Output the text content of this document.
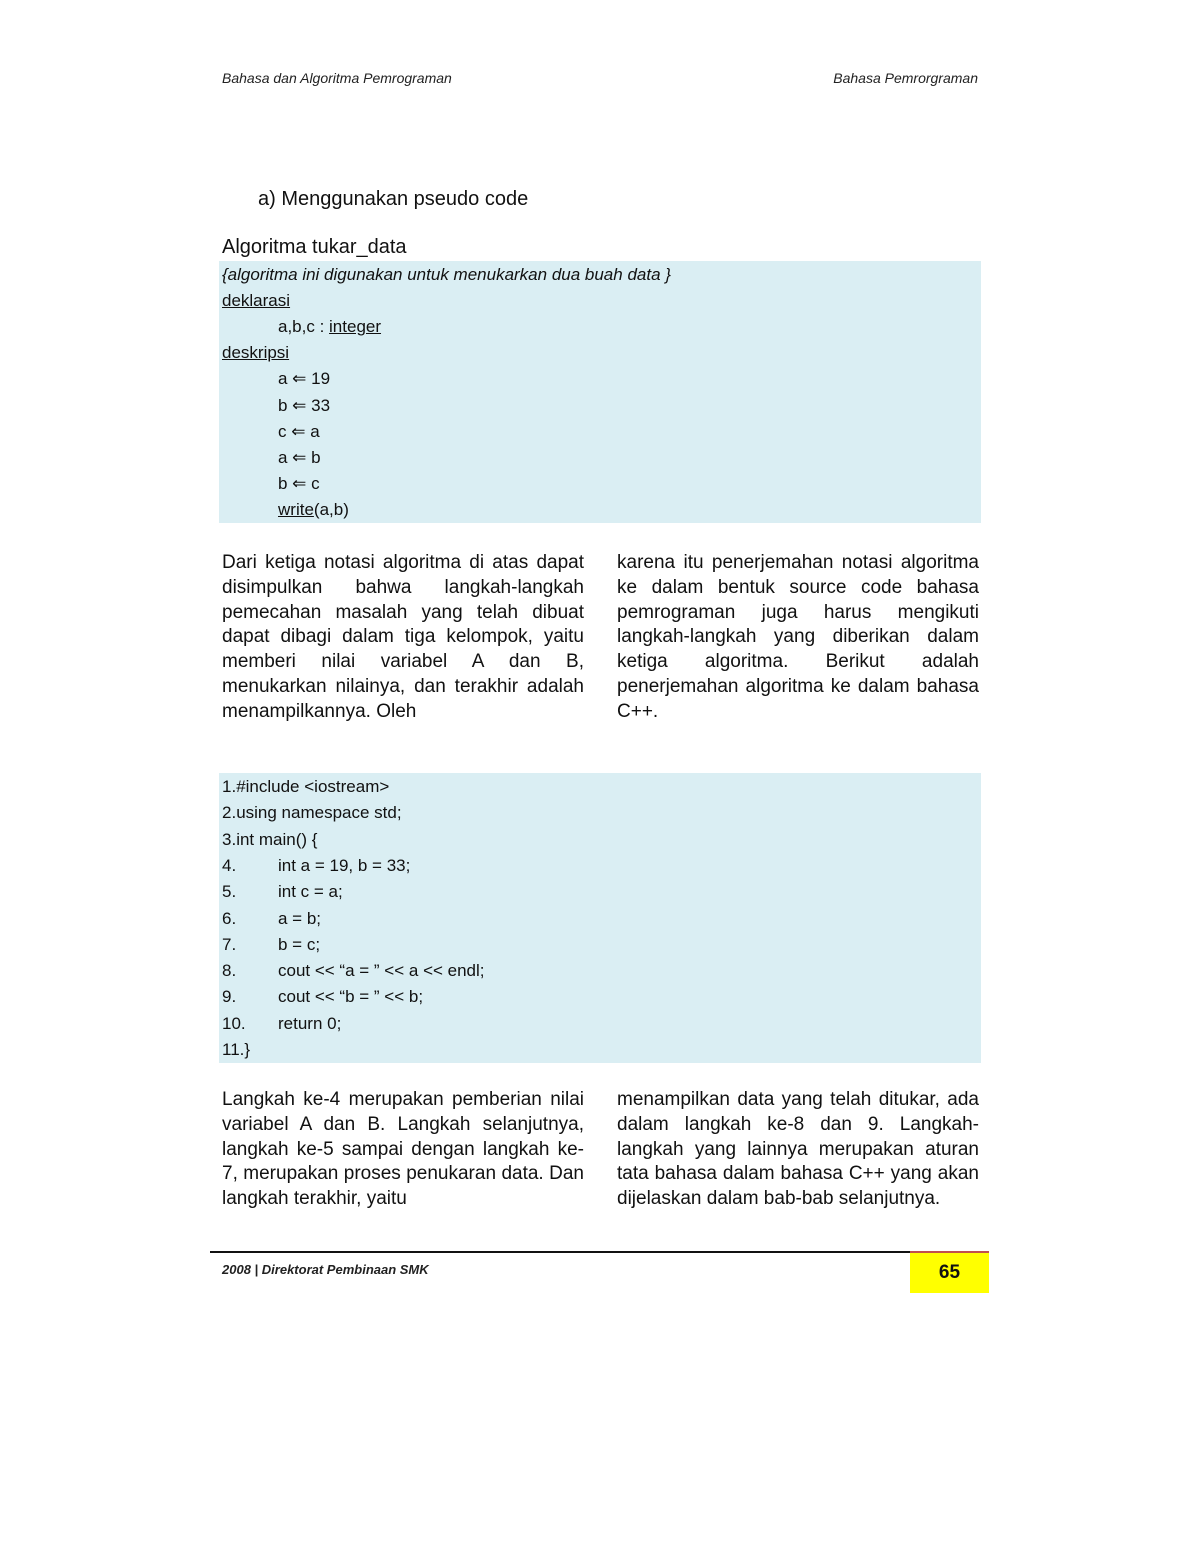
Bahasa dan Algoritma Pemrograman	Bahasa Pemrorgraman
a) Menggunakan pseudo code
Algoritma tukar_data
{algoritma ini digunakan untuk menukarkan dua buah data }
deklarasi
a,b,c : integer
deskripsi
a ⇐ 19
b ⇐ 33
c ⇐ a
a ⇐ b
b ⇐ c
write(a,b)
Dari ketiga notasi algoritma di atas dapat disimpulkan bahwa langkah-langkah pemecahan masalah yang telah dibuat dapat dibagi dalam tiga kelompok, yaitu memberi nilai variabel A dan B, menukarkan nilainya, dan terakhir adalah menampilkannya. Oleh
karena itu penerjemahan notasi algoritma ke dalam bentuk source code bahasa pemrograman juga harus mengikuti langkah-langkah yang diberikan dalam ketiga algoritma. Berikut adalah penerjemahan algoritma ke dalam bahasa C++.
1.#include <iostream>
2.using namespace std;
3.int main() {
4. int a = 19, b = 33;
5. int c = a;
6. a = b;
7. b = c;
8. cout << “a = ” << a << endl;
9. cout << “b = ” << b;
10. return 0;
11.}
Langkah ke-4 merupakan pemberian nilai variabel A dan B. Langkah selanjutnya, langkah ke-5 sampai dengan langkah ke-7, merupakan proses penukaran data. Dan langkah terakhir, yaitu
menampilkan data yang telah ditukar, ada dalam langkah ke-8 dan 9. Langkah-langkah yang lainnya merupakan aturan tata bahasa dalam bahasa C++ yang akan dijelaskan dalam bab-bab selanjutnya.
2008 | Direktorat Pembinaan SMK	65
